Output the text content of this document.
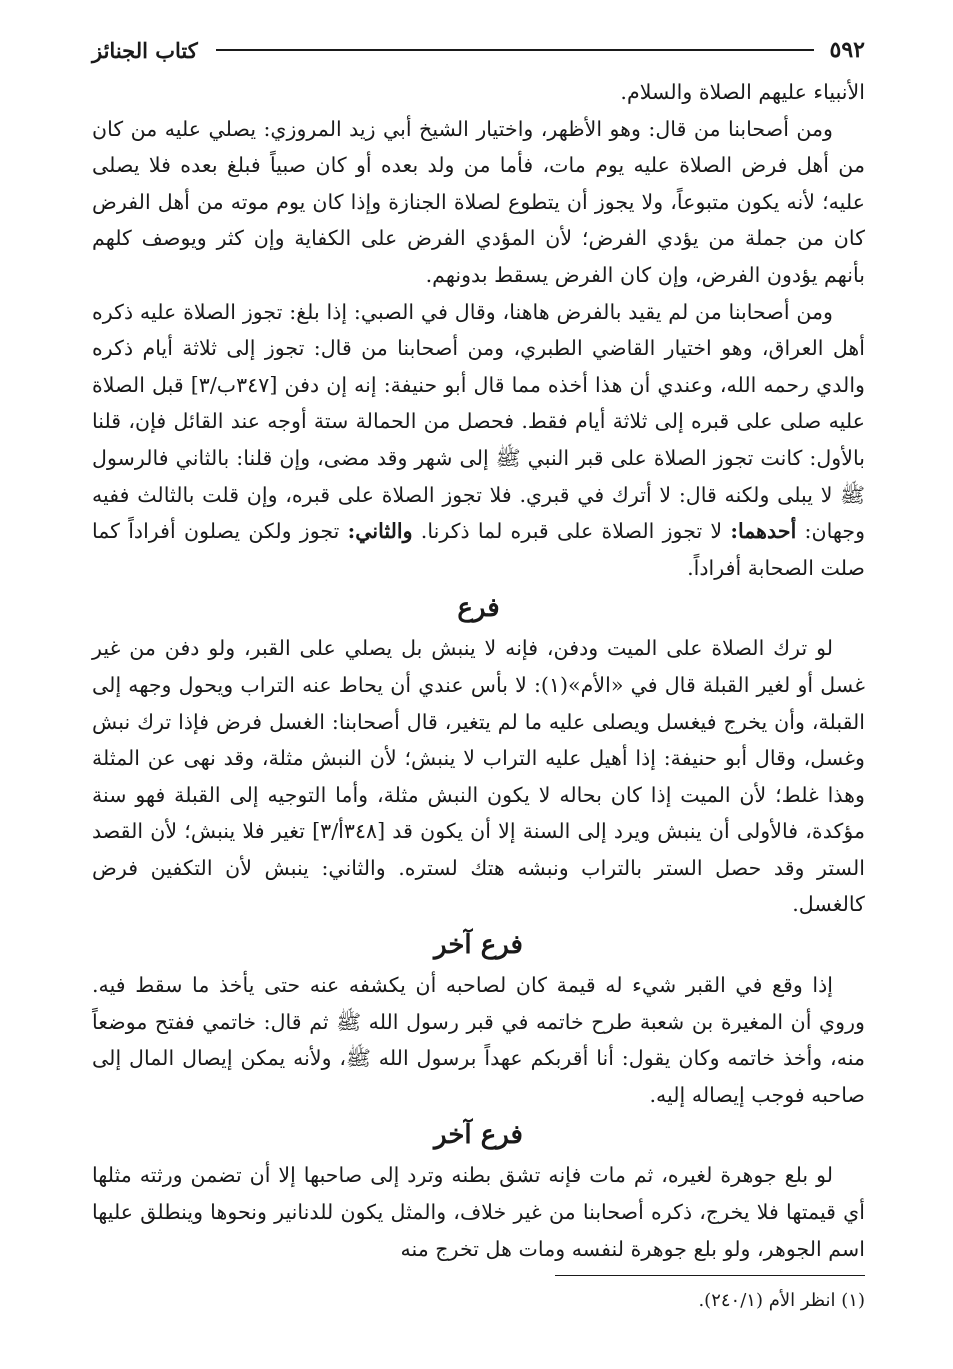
٥٩٢
كتاب الجنائز

الأنبياء عليهم الصلاة والسلام.

ومن أصحابنا من قال: وهو الأظهر، واختيار الشيخ أبي زيد المروزي: يصلي عليه من كان من أهل فرض الصلاة عليه يوم مات، فأما من ولد بعده أو كان صبياً فبلغ بعده فلا يصلى عليه؛ لأنه يكون متبوعاً، ولا يجوز أن يتطوع لصلاة الجنازة وإذا كان يوم موته من أهل الفرض كان من جملة من يؤدي الفرض؛ لأن المؤدي الفرض على الكفاية وإن كثر ويوصف كلهم بأنهم يؤدون الفرض، وإن كان الفرض يسقط بدونهم.

ومن أصحابنا من لم يقيد بالفرض هاهنا، وقال في الصبي: إذا بلغ: تجوز الصلاة عليه ذكره أهل العراق، وهو اختيار القاضي الطبري، ومن أصحابنا من قال: تجوز إلى ثلاثة أيام ذكره والدي رحمه الله، وعندي أن هذا أخذه مما قال أبو حنيفة: إنه إن دفن [٣٤٧ب/٣] قبل الصلاة عليه صلى على قبره إلى ثلاثة أيام فقط. فحصل من الحمالة ستة أوجه عند القائل فإن، قلنا بالأول: كانت تجوز الصلاة على قبر النبي ﷺ إلى شهر وقد مضى، وإن قلنا: بالثاني فالرسول ﷺ لا يبلى ولكنه قال: لا أترك في قبري. فلا تجوز الصلاة على قبره، وإن قلت بالثالث ففيه وجهان: أحدهما: لا تجوز الصلاة على قبره لما ذكرنا. والثاني: تجوز ولكن يصلون أفراداً كما صلت الصحابة أفراداً.

فرع

لو ترك الصلاة على الميت ودفن، فإنه لا ينبش بل يصلي على القبر، ولو دفن من غير غسل أو لغير القبلة قال في «الأم»(١): لا بأس عندي أن يحاط عنه التراب ويحول وجهه إلى القبلة، وأن يخرج فيغسل ويصلى عليه ما لم يتغير، قال أصحابنا: الغسل فرض فإذا ترك نبش وغسل، وقال أبو حنيفة: إذا أهيل عليه التراب لا ينبش؛ لأن النبش مثلة، وقد نهى عن المثلة وهذا غلط؛ لأن الميت إذا كان بحاله لا يكون النبش مثلة، وأما التوجيه إلى القبلة فهو سنة مؤكدة، فالأولى أن ينبش ويرد إلى السنة إلا أن يكون قد [٣٤٨أ/٣] تغير فلا ينبش؛ لأن القصد الستر وقد حصل الستر بالتراب ونبشه هتك لستره. والثاني: ينبش لأن التكفين فرض كالغسل.

فرع آخر

إذا وقع في القبر شيء له قيمة كان لصاحبه أن يكشفه عنه حتى يأخذ ما سقط فيه. وروي أن المغيرة بن شعبة طرح خاتمه في قبر رسول الله ﷺ ثم قال: خاتمي ففتح موضعاً منه، وأخذ خاتمه وكان يقول: أنا أقربكم عهداً برسول الله ﷺ، ولأنه يمكن إيصال المال إلى صاحبه فوجب إيصاله إليه.

فرع آخر

لو بلع جوهرة لغيره، ثم مات فإنه تشق بطنه وترد إلى صاحبها إلا أن تضمن ورثته مثلها أي قيمتها فلا يخرج، ذكره أصحابنا من غير خلاف، والمثل يكون للدنانير ونحوها وينطلق عليها اسم الجوهر، ولو بلع جوهرة لنفسه ومات هل تخرج منه

(١) انظر الأم (٢٤٠/١).
